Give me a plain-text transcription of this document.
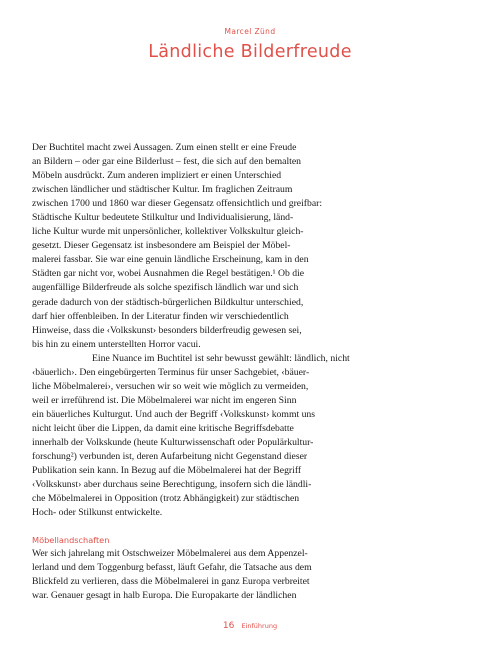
Marcel Zünd
Ländliche Bilderfreude
Der Buchtitel macht zwei Aussagen. Zum einen stellt er eine Freude
an Bildern – oder gar eine Bilderlust – fest, die sich auf den bemalten
Möbeln ausdrückt. Zum anderen impliziert er einen Unterschied
zwischen ländlicher und städtischer Kultur. Im fraglichen Zeitraum
zwischen 1700 und 1860 war dieser Gegensatz offensichtlich und greifbar:
Städtische Kultur bedeutete Stilkultur und Individualisierung, länd-
liche Kultur wurde mit unpersönlicher, kollektiver Volkskultur gleich-
gesetzt. Dieser Gegensatz ist insbesondere am Beispiel der Möbel-
malerei fassbar. Sie war eine genuin ländliche Erscheinung, kam in den
Städten gar nicht vor, wobei Ausnahmen die Regel bestätigen.¹ Ob die
augenfällige Bilderfreude als solche spezifisch ländlich war und sich
gerade dadurch von der städtisch-bürgerlichen Bildkultur unterschied,
darf hier offenbleiben. In der Literatur finden wir verschiedentlich
Hinweise, dass die ‹Volkskunst› besonders bilderfreudig gewesen sei,
bis hin zu einem unterstellten Horror vacui.
Eine Nuance im Buchtitel ist sehr bewusst gewählt: ländlich, nicht
‹bäuerlich›. Den eingebürgerten Terminus für unser Sachgebiet, ‹bäuer-
liche Möbelmalerei›, versuchen wir so weit wie möglich zu vermeiden,
weil er irreführend ist. Die Möbelmalerei war nicht im engeren Sinn
ein bäuerliches Kulturgut. Und auch der Begriff ‹Volkskunst› kommt uns
nicht leicht über die Lippen, da damit eine kritische Begriffsdebatte
innerhalb der Volkskunde (heute Kulturwissenschaft oder Populärkultur-
forschung²) verbunden ist, deren Aufarbeitung nicht Gegenstand dieser
Publikation sein kann. In Bezug auf die Möbelmalerei hat der Begriff
‹Volkskunst› aber durchaus seine Berechtigung, insofern sich die ländli-
che Möbelmalerei in Opposition (trotz Abhängigkeit) zur städtischen
Hoch- oder Stilkunst entwickelte.
Möbellandschaften
Wer sich jahrelang mit Ostschweizer Möbelmalerei aus dem Appenzel-
lerland und dem Toggenburg befasst, läuft Gefahr, die Tatsache aus dem
Blickfeld zu verlieren, dass die Möbelmalerei in ganz Europa verbreitet
war. Genauer gesagt in halb Europa. Die Europakarte der ländlichen
16 Einführung
